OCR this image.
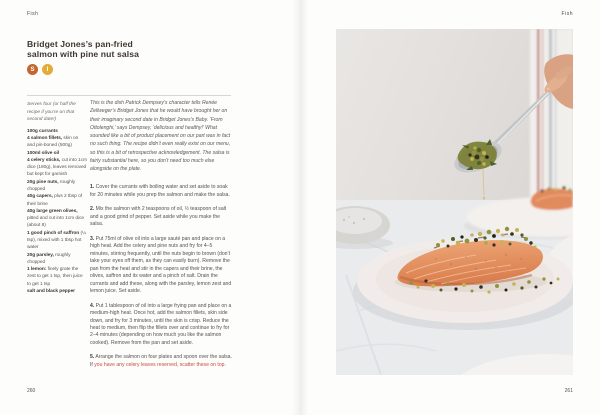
Fish
Bridget Jones’s pan-fried
salmon with pine nut salsa
S	I

Serves four (or half the recipe if you’re on that second date!)

100g currants
4 salmon fillets, skin on and pin-boned (500g)
100ml olive oil
4 celery sticks, cut into 1cm dice (180g), leaves removed but kept for garnish
20g pine nuts, roughly chopped
40g capers, plus 2 tbsp of their brine
40g large green olives, pitted and cut into 1cm dice (about 8)
1 good pinch of saffron (¼ tsp), mixed with 1 tbsp hot water
20g parsley, roughly chopped
1 lemon: finely grate the zest to get 1 tsp, then juice to get 1 tsp
salt and black pepper

This is the dish Patrick Dempsey’s character tells Renée Zellweger’s Bridget Jones that he would have brought her on their imaginary second date in Bridget Jones’s Baby. ‘From Ottolenghi,’ says Dempsey, ‘delicious and healthy!’ What sounded like a bit of product placement on our part was in fact no such thing. The recipe didn’t even really exist on our menu, so this is a bit of retrospective acknowledgement. The salsa is fairly substantial here, so you don’t need too much else alongside on the plate.

1. Cover the currants with boiling water and set aside to soak for 20 minutes while you prep the salmon and make the salsa.

2. Mix the salmon with 2 teaspoons of oil, ½ teaspoon of salt and a good grind of pepper. Set aside while you make the salsa.

3. Put 75ml of olive oil into a large sauté pan and place on a high heat. Add the celery and pine nuts and fry for 4–5 minutes, stirring frequently, until the nuts begin to brown (don’t take your eyes off them, as they can easily burn). Remove the pan from the heat and stir in the capers and their brine, the olives, saffron and its water and a pinch of salt. Drain the currants and add these, along with the parsley, lemon zest and lemon juice. Set aside.

4. Put 1 tablespoon of oil into a large frying pan and place on a medium-high heat. Once hot, add the salmon fillets, skin side down, and fry for 3 minutes, until the skin is crisp. Reduce the heat to medium, then flip the fillets over and continue to fry for 2–4 minutes (depending on how much you like the salmon cooked). Remove from the pan and set aside.

5. Arrange the salmon on four plates and spoon over the salsa. If you have any celery leaves reserved, scatter these on top.

260
Fish
261
